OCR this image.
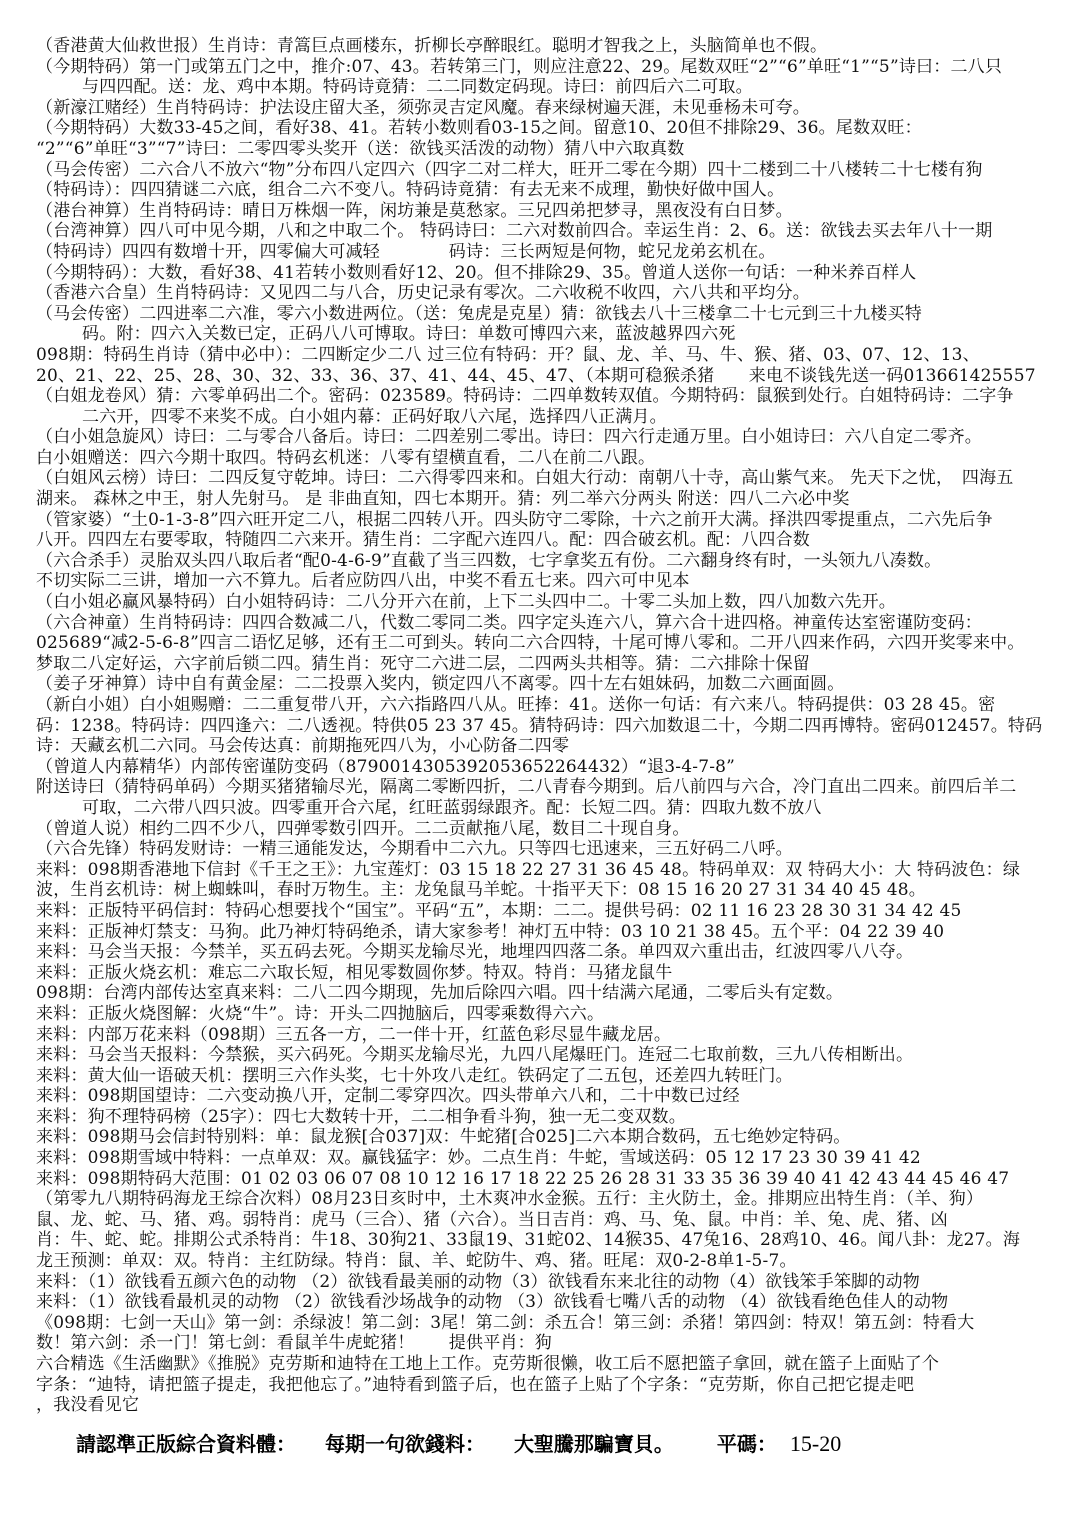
（香港黄大仙救世报）生肖诗：青篙巨点画楼东，折柳长亭醉眼红。聪明才智我之上，头脑简单也不假。
（今期特码）第一门或第五门之中，推介:07、43。若转第三门，则应注意22、29。尾数双旺“2”“6”单旺“1”“5”诗曰：二八只
与四四配。送：龙、鸡中本期。特码诗竟猜：二二同数定码现。诗曰：前四后六二可取。
（新濠江赌经）生肖特码诗：护法设庄留大圣，须弥灵吉定风魔。春来绿树遍天涯，未见垂杨未可夸。
（今期特码）大数33-45之间，看好38、41。若转小数则看03-15之间。留意10、20但不排除29、36。尾数双旺：
“2”“6”单旺“3”“7”诗曰：二零四零头奖开（送：欲钱买活泼的动物）猜八中六取真数
（马会传密）二六合八不放六“物”分布四八定四六（四字二对二样大，旺开二零在今期）四十二楼到二十八楼转二十七楼有狗
（特码诗）：四四猜谜二六底，组合二六不变八。特码诗竟猜：有去无来不成理，勤快好做中国人。
（港台神算）生肖特码诗：晴日万株烟一阵，闲坊兼是莫愁家。三兄四弟把梦寻，黑夜没有白日梦。
（台湾神算）四八可中见今期，八和之中取二个。 特码诗曰：二六对数前四合。幸运生肖：2、6。送：欲钱去买去年八十一期
（特码诗）四四有数增十开，四零偏大可减轻　　　　码诗：三长两短是何物，蛇兄龙弟玄机在。
（今期特码）：大数，看好38、41若转小数则看好12、20。但不排除29、35。曾道人送你一句话：一种米养百样人
（香港六合皇）生肖特码诗：又见四二与八合，历史记录有零次。二六收税不收四，六八共和平均分。
（马会传密）二四进率二六准，零六小数进两位。（送：兔虎是克星）猜：欲钱去八十三楼拿二十七元到三十九楼买特
码。附：四六入关数已定，正码八八可博取。诗曰：单数可博四六来，蓝波越界四六死
098期：特码生肖诗（猜中必中）：二四断定少二八 过三位有特码：开？鼠、龙、羊、马、牛、猴、猪、03、07、12、13、
20、21、22、25、28、30、32、33、36、37、41、44、45、47、（本期可稳猴杀猪　　来电不谈钱先送一码013661425557
（白姐龙卷风）猜：六零单码出二个。密码：023589。特码诗：二四单数转双值。今期特码：鼠猴到处行。白姐特码诗：二字争
二六开，四零不来奖不成。白小姐内幕：正码好取八六尾，选择四八正满月。
（白小姐急旋风）诗曰：二与零合八备后。诗曰：二四差别二零出。诗曰：四六行走通万里。白小姐诗曰：六八自定二零齐。
白小姐赠送：四六今期十取四。特码玄机迷：八零有望横直看，二八在前二八跟。
（白姐风云榜）诗曰：二四反复守乾坤。诗曰：二六得零四来和。白姐大行动：南朝八十寺，高山紫气来。 先天下之忧，　四海五
湖来。 森林之中王，射人先射马。 是 非曲直知，四七本期开。猜：列二举六分两头 附送：四八二六必中奖
（管家婆）“土0-1-3-8”四六旺开定二八，根据二四转八开。四头防守二零除，十六之前开大满。择洪四零提重点，二六先后争
八开。四四左右要零取，特随四二六来开。猜生肖：二字配六连四八。配：四合破玄机。配：八四合数
（六合杀手）灵胎双头四八取后者“配0-4-6-9”直截了当三四数，七字拿奖五有份。二六翻身终有时，一头领九八凑数。
不切实际二三讲，增加一六不算九。后者应防四八出，中奖不看五七来。四六可中见本
（白小姐必赢风暴特码）白小姐特码诗：二八分开六在前，上下二头四中二。十零二头加上数，四八加数六先开。
（六合神童）生肖特码诗：四四合数减二八，代数二零同二类。四字定头连六八，算六合十进四格。神童传达室密谨防变码：
025689“减2-5-6-8”四言二语忆足够，还有王二可到头。转向二六合四特，十尾可博八零和。二开八四来作码，六四开奖零来中。
梦取二八定好运，六字前后锁二四。猜生肖：死守二六进二层，二四两头共相等。猜：二六排除十保留
（姜子牙神算）诗中自有黄金屋：二二投票入奖内，锁定四八不离零。四十左右姐妹码，加数二六画面圆。
（新白小姐）白小姐赐赠：二二重复带八开，六六指路四八从。旺捧：41。送你一句话：有六来八。特码提供：03 28 45。密
码：1238。特码诗：四四逢六：二八透视。特供05 23 37 45。猜特码诗：四六加数退二十，今期二四再博特。密码012457。特码
诗：天藏玄机二六同。马会传达真：前期拖死四八为，小心防备二四零
（曾道人内幕精华）内部传密谨防变码（8790014305392053652264432）“退3-4-7-8”
附送诗曰（猜特码单码）今期买猪猪输尽光，隔离二零断四折，二八青春今期到。后八前四与六合，冷门直出二四来。前四后羊二
可取，二六带八四只波。四零重开合六尾，红旺蓝弱绿跟齐。配：长短二四。猜：四取九数不放八
（曾道人说）相约二四不少八，四弹零数引四开。二二贡献拖八尾，数目二十现自身。
（六合先锋）特码发财诗：一精三通能发达，今期看中二六九。只等四七迅速来，三五好码二八呼。
来料：098期香港地下信封《千王之王》：九宝莲灯：03 15 18 22 27 31 36 45 48。特码单双：双 特码大小：大 特码波色：绿
波，生肖玄机诗：树上蜘蛛叫，春时万物生。主：龙兔鼠马羊蛇。十指平天下：08 15 16 20 27 31 34 40 45 48。
来料：正版特平码信封：特码心想要找个“国宝”。平码“五”，本期：二二。提供号码：02 11 16 23 28 30 31 34 42 45
来料：正版神灯禁支：马狗。此乃神灯特码绝杀，请大家参考！神灯五中特：03 10 21 38 45。五个平：04 22 39 40
来料：马会当天报：今禁羊，买五码去死。今期买龙输尽光，地埋四四落二条。单四双六重出击，红波四零八八夺。
来料：正版火烧玄机：难忘二六取长短，相见零数圆你梦。特双。特肖：马猪龙鼠牛
098期：台湾内部传达室真来料：二八二四今期现，先加后除四六唱。四十结满六尾通，二零后头有定数。
来料：正版火烧图解：火烧“牛”。诗：开头二四抛脑后，四零乘数得六六。
来料：内部万花来料（098期）三五各一方，二一伴十开，红蓝色彩尽显牛藏龙居。
来料：马会当天报料：今禁猴，买六码死。今期买龙输尽光，九四八尾爆旺门。连冠二七取前数，三九八传相断出。
来料：黄大仙一语破天机：摆明三六作头奖，七十外攻八走红。铁码定了二五包，还差四九转旺门。
来料：098期国望诗：二六变动换八开，定制二零穿四次。四头带单六八和，二十中数已过经
来料：狗不理特码榜（25字）：四七大数转十开，二二相争看斗狗，独一无二变双数。
来料：098期马会信封特别料：单：鼠龙猴[合037]双：牛蛇猪[合025]二六本期合数码，五七绝妙定特码。
来料：098期雪域中特料：一点单双：双。赢钱猛字：妙。二点生肖：牛蛇，雪域送码：05 12 17 23 30 39 41 42
来料：098期特码大范围：01 02 03 06 07 08 10 12 16 17 18 22 25 26 28 31 33 35 36 39 40 41 42 43 44 45 46 47
（第零九八期特码海龙王综合次料）08月23日亥时中，土木爽冲水金猴。五行：主火防土，金。排期应出特生肖：（羊、狗）
鼠、龙、蛇、马、猪、鸡。弱特肖：虎马（三合）、猪（六合）。当日吉肖：鸡、马、兔、鼠。中肖：羊、兔、虎、猪、凶
肖：牛、蛇、蛇。排期公式杀特肖：牛18、30狗21、33鼠19、31蛇02、14猴35、47兔16、28鸡10、46。闻八卦：龙27。海
龙王预测：单双：双。特肖：主红防绿。特肖：鼠、羊、蛇防牛、鸡、猪。旺尾：双0-2-8单1-5-7。
来料：（1）欲钱看五颜六色的动物 （2）欲钱看最美丽的动物（3）欲钱看东来北往的动物（4）欲钱笨手笨脚的动物
来料：（1）欲钱看最机灵的动物 （2）欲钱看沙场战争的动物 （3）欲钱看七嘴八舌的动物 （4）欲钱看绝色佳人的动物
《098期：七剑一天山》第一剑：杀绿波！第二剑：3尾！第二剑：杀五合！第三剑：杀猪！第四剑：特双！第五剑：特看大
数！第六剑：杀一门！第七剑：看鼠羊牛虎蛇猪！　　提供平肖：狗
六合精选《生活幽默》《推脱》克劳斯和迪特在工地上工作。克劳斯很懒，收工后不愿把篮子拿回，就在篮子上面贴了个
字条：“迪特，请把篮子提走，我把他忘了。”迪特看到篮子后，也在篮子上贴了个字条：“克劳斯，你自己把它提走吧
，我没看见它
請認準正版綜合資料體： 每期一句欲錢料： 大聖騰那騙寶貝。 平碼： 15-20
